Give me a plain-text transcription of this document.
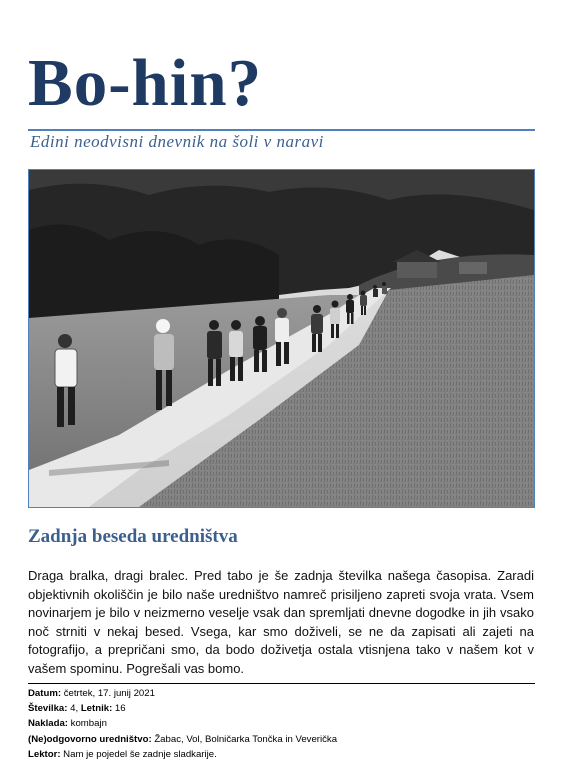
Bo-hin?
Edini neodvisni dnevnik na šoli v naravi
Zadnja beseda uredništva
Draga bralka, dragi bralec. Pred tabo je še zadnja številka našega časopisa. Zaradi objektivnih okoliščin je bilo naše uredništvo namreč prisiljeno zapreti svoja vrata. Vsem novinarjem je bilo v neizmerno veselje vsak dan spremljati dnevne dogodke in jih vsako noč strniti v nekaj besed. Vsega, kar smo doživeli, se ne da zapisati ali zajeti na fotografijo, a prepričani smo, da bodo doživetja ostala vtisnjena tako v našem kot v vašem spominu. Pogrešali vas bomo.
Datum: četrtek, 17. junij 2021
Številka: 4, Letnik: 16
Naklada: kombajn
(Ne)odgovorno uredništvo: Žabac, Vol, Bolničarka Tončka in Veverička
Lektor: Nam je pojedel še zadnje sladkarije.
